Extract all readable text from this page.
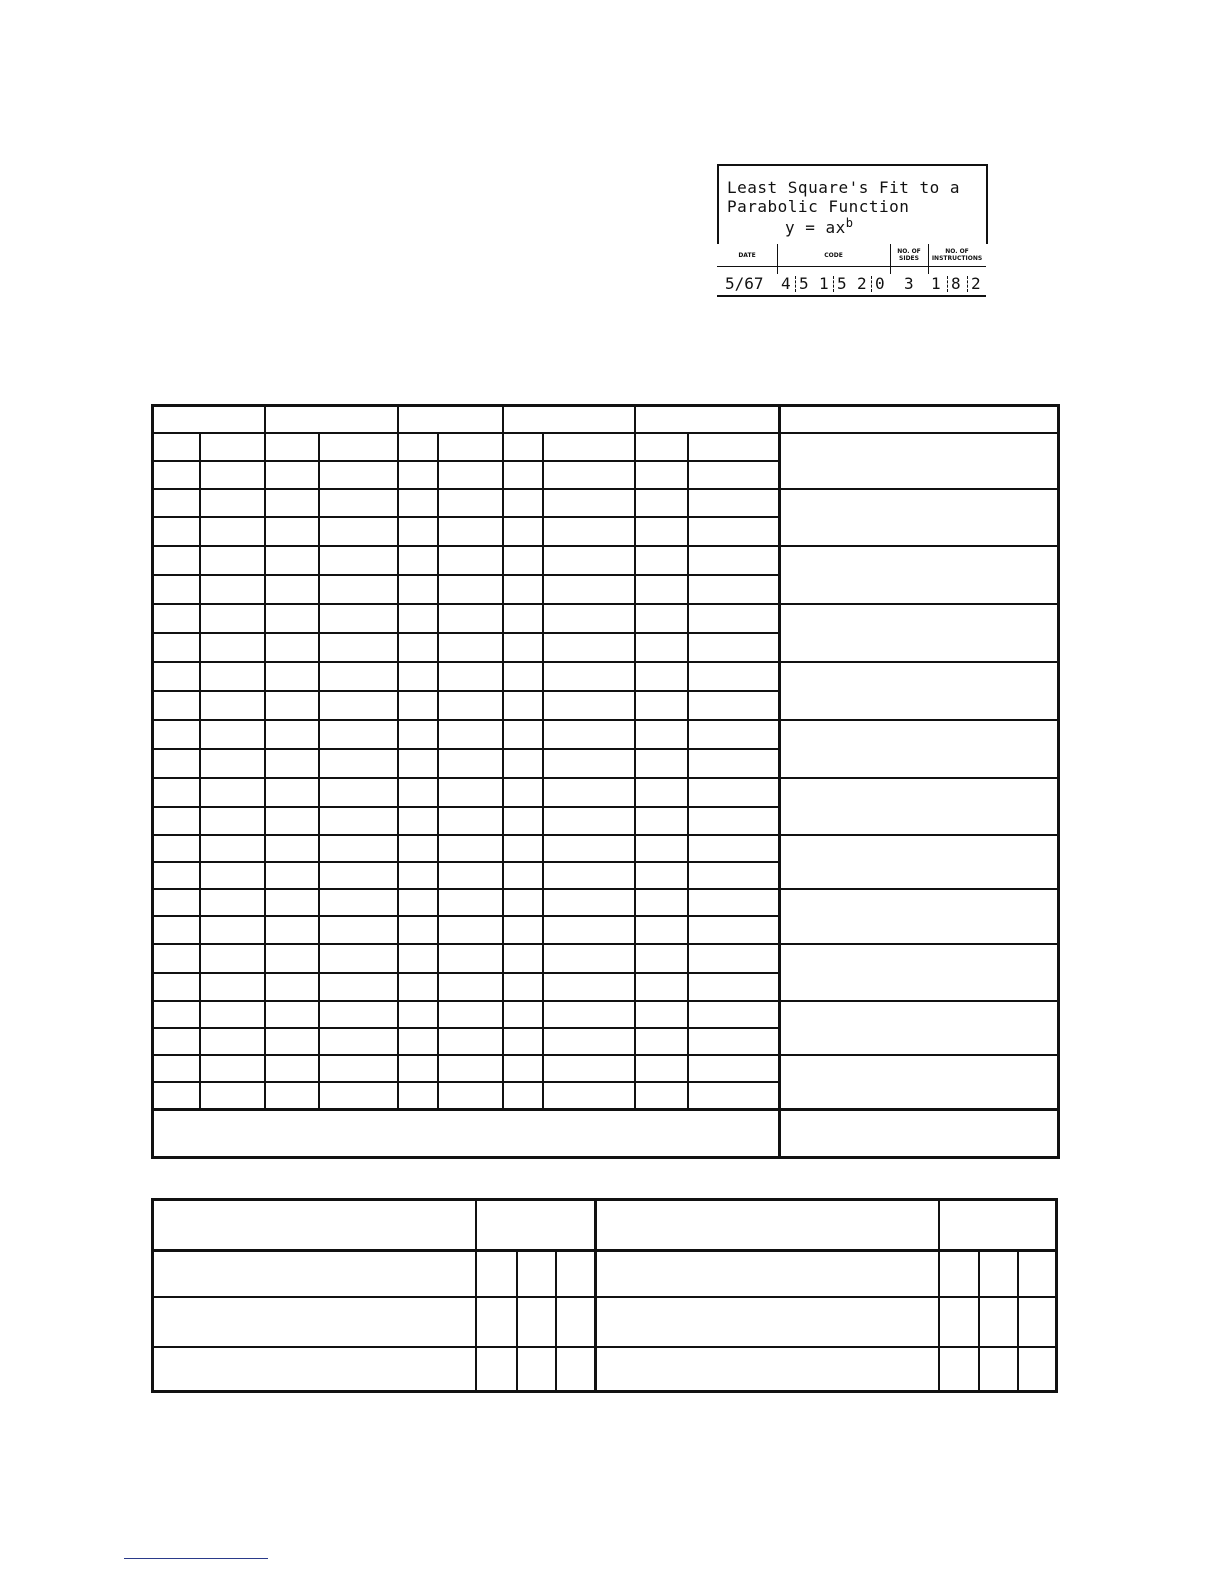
Least Square's Fit to a
Parabolic Function
$y = ax^b$
DATE	CODE	NO. OF SIDES
NO. OF INSTRUCTIONS
5/67 4 5 1 5 2 0 3 1 8 2
